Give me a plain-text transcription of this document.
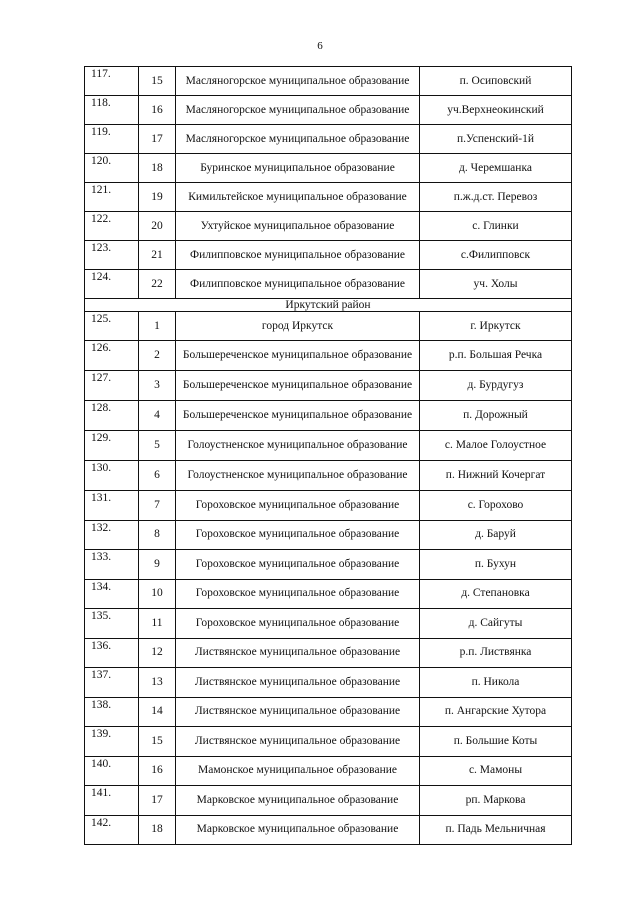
6
117.	15	Масляногорское муниципальное образование	п. Осиповский
118.	16	Масляногорское муниципальное образование	уч.Верхнеокинский
119.	17	Масляногорское муниципальное образование	п.Успенский-1й
120.	18	Буринское муниципальное образование	д. Черемшанка
121.	19	Кимильтейское муниципальное образование	п.ж.д.ст. Перевоз
122.	20	Ухтуйское муниципальное образование	с. Глинки
123.	21	Филипповское муниципальное образование	с.Филипповск
124.	22	Филипповское муниципальное образование	уч. Холы
Иркутский район			
125.	1	город Иркутск	г. Иркутск
126.	2	Большереченское муниципальное образование	р.п. Большая Речка
127.	3	Большереченское муниципальное образование	д. Бурдугуз
128.	4	Большереченское муниципальное образование	п. Дорожный
129.	5	Голоустненское муниципальное образование	с. Малое Голоустное
130.	6	Голоустненское муниципальное образование	п. Нижний Кочергат
131.	7	Гороховское муниципальное образование	с. Горохово
132.	8	Гороховское муниципальное образование	д. Баруй
133.	9	Гороховское муниципальное образование	п. Бухун
134.	10	Гороховское муниципальное образование	д. Степановка
135.	11	Гороховское муниципальное образование	д. Сайгуты
136.	12	Листвянское муниципальное образование	р.п. Листвянка
137.	13	Листвянское муниципальное образование	п. Никола
138.	14	Листвянское муниципальное образование	п. Ангарские Хутора
139.	15	Листвянское муниципальное образование	п. Большие Коты
140.	16	Мамонское муниципальное образование	с. Мамоны
141.	17	Марковское муниципальное образование	рп. Маркова
142.	18	Марковское муниципальное образование	п. Падь Мельничная
